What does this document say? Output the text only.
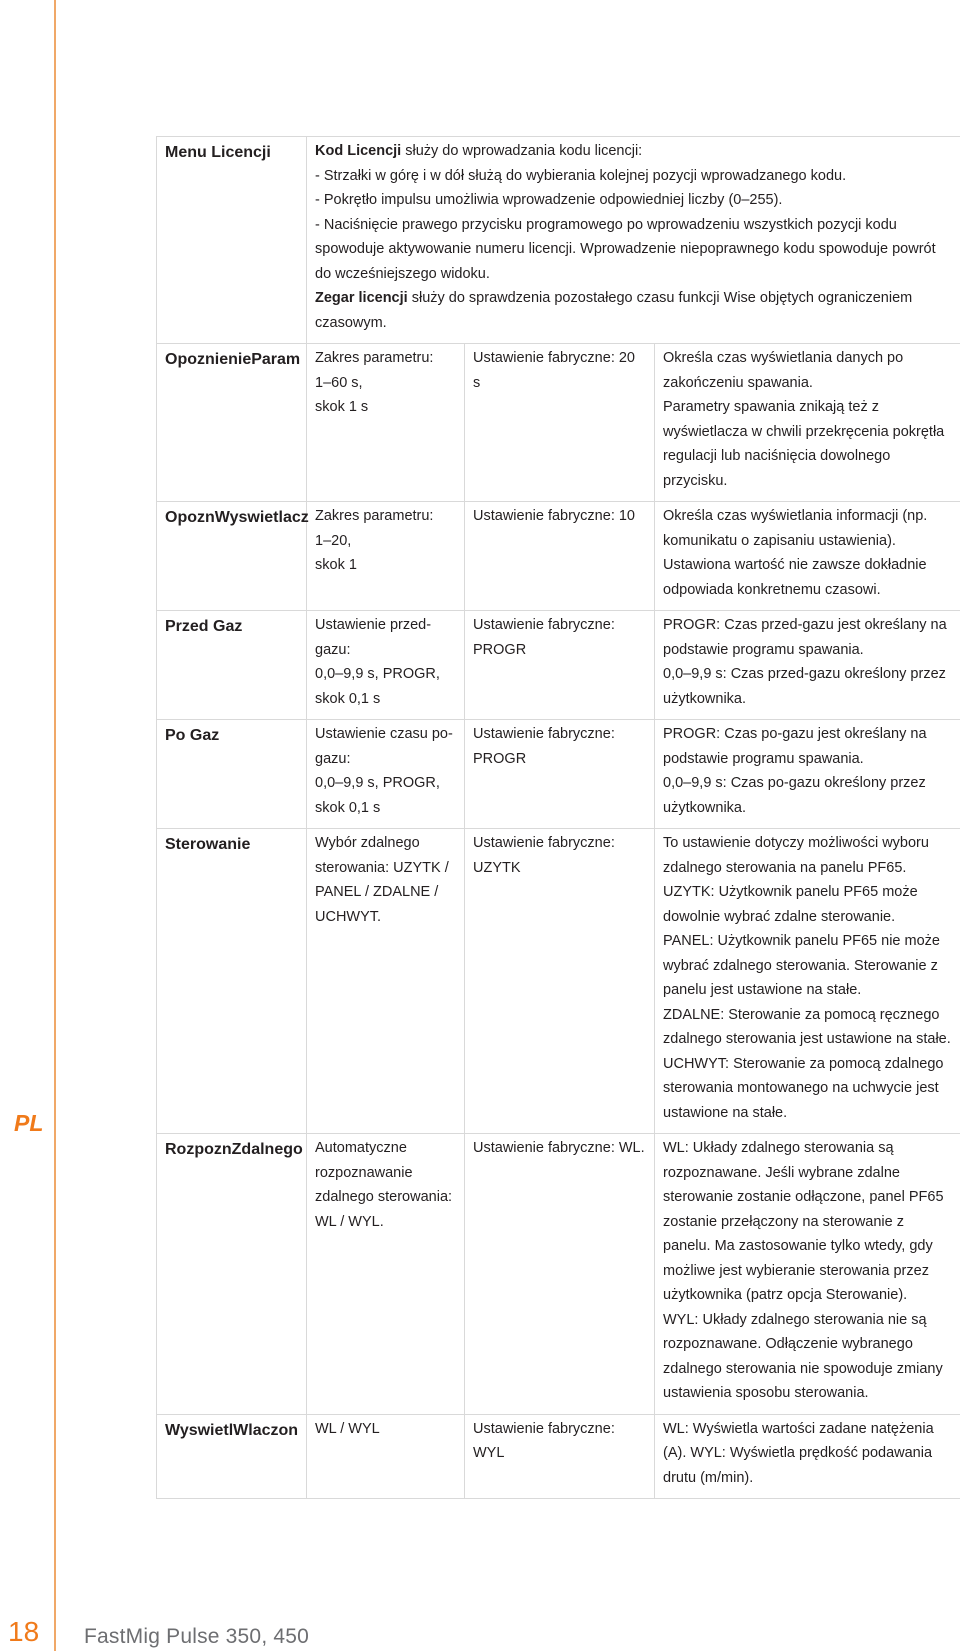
PL
Menu Licencji	Kod Licencji służy do wprowadzania kodu licencji:
- Strzałki w górę i w dół służą do wybierania kolejnej pozycji wprowadzanego kodu.
- Pokrętło impulsu umożliwia wprowadzenie odpowiedniej liczby (0–255).
- Naciśnięcie prawego przycisku programowego po wprowadzeniu wszystkich pozycji kodu spowoduje aktywowanie numeru licencji. Wprowadzenie niepoprawnego kodu spowoduje powrót do wcześniejszego widoku.
Zegar licencji służy do sprawdzenia pozostałego czasu funkcji Wise objętych ograniczeniem czasowym.		

OpoznienieParam	Zakres parametru:
1–60 s,
skok 1 s	Ustawienie fabryczne: 20 s	Określa czas wyświetlania danych po zakończeniu spawania.
Parametry spawania znikają też z wyświetlacza w chwili przekręcenia pokrętła regulacji lub naciśnięcia dowolnego przycisku.

OpoznWyswietlacz	Zakres parametru:
1–20,
skok 1	Ustawienie fabryczne: 10	Określa czas wyświetlania informacji (np. komunikatu o zapisaniu ustawienia).
Ustawiona wartość nie zawsze dokładnie odpowiada konkretnemu czasowi.

Przed Gaz	Ustawienie przed-gazu:
0,0–9,9 s, PROGR,
skok 0,1 s	Ustawienie fabryczne:
PROGR	PROGR: Czas przed-gazu jest określany na podstawie programu spawania.
0,0–9,9 s: Czas przed-gazu określony przez użytkownika.

Po Gaz	Ustawienie czasu po-gazu:
0,0–9,9 s, PROGR,
skok 0,1 s	Ustawienie fabryczne:
PROGR	PROGR: Czas po-gazu jest określany na podstawie programu spawania.
0,0–9,9 s: Czas po-gazu określony przez użytkownika.

Sterowanie	Wybór zdalnego sterowania: UZYTK / PANEL / ZDALNE / UCHWYT.	Ustawienie fabryczne:
UZYTK	To ustawienie dotyczy możliwości wyboru zdalnego sterowania na panelu PF65.
UZYTK: Użytkownik panelu PF65 może dowolnie wybrać zdalne sterowanie.
PANEL: Użytkownik panelu PF65 nie może wybrać zdalnego sterowania. Sterowanie z panelu jest ustawione na stałe.
ZDALNE: Sterowanie za pomocą ręcznego zdalnego sterowania jest ustawione na stałe.
UCHWYT: Sterowanie za pomocą zdalnego sterowania montowanego na uchwycie jest ustawione na stałe.

RozpoznZdalnego	Automatyczne rozpoznawanie zdalnego sterowania: WL / WYL.	Ustawienie fabryczne: WL.	WL: Układy zdalnego sterowania są rozpoznawane. Jeśli wybrane zdalne sterowanie zostanie odłączone, panel PF65 zostanie przełączony na sterowanie z panelu. Ma zastosowanie tylko wtedy, gdy możliwe jest wybieranie sterowania przez użytkownika (patrz opcja Sterowanie).
WYL: Układy zdalnego sterowania nie są rozpoznawane. Odłączenie wybranego zdalnego sterowania nie spowoduje zmiany ustawienia sposobu sterowania.

WyswietlWlaczon	WL / WYL	Ustawienie fabryczne: WYL	WL: Wyświetla wartości zadane natężenia (A). WYL: Wyświetla prędkość podawania drutu (m/min).
18 FastMig Pulse 350, 450
